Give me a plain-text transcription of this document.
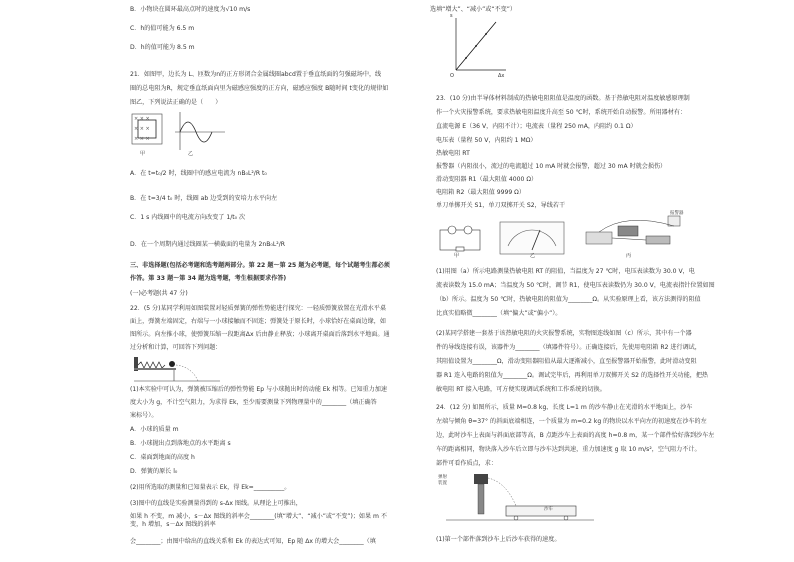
B．小物块在圆环最高点时的速度为√10 m/s
C．h的值可能为 6.5 m
D．h的值可能为 8.5 m
21．如图甲，边长为 L、匝数为n的正方形闭合金属线圈abcd置于垂直纸面的匀强磁场中，线
圈的总电阻为R，规定垂直纸面向里为磁感应强度的正方向，磁感应强度 B随时间 t变化的规律如
图乙，下列说法正确的是（　　）
× × ×
× × ×
× × ×
甲	乙
A．在 t=t₀/2 时，线圈中的感应电流为 nB₀L²/R t₀
B．在 t=3/4 t₀ 时，线圈 ab 边受到的安培力水平向左
C．1 s 内线圈中的电流方向改变了 1/t₀ 次
D．在一个周期内通过线圈某一横截面的电量为 2nB₀L²/R
三、非选择题(包括必考题和选考题两部分。第 22 题～第 25 题为必考题，每个试题考生都必须
作答。第 33 题～第 34 题为选考题，考生根据要求作答)
(一)必考题(共 47 分)
22．(5 分)某同学利用如图装置对轻质弹簧的弹性势能进行探究：一轻质弹簧放置在光滑水平桌
面上，弹簧左端固定，右端与一小球接触而不固连；弹簧处于原长时，小球恰好在桌面边缘，如
图所示。向左推小球，使弹簧压缩一段距离Δx 后由静止释放；小球离开桌面后落到水平地面。通
过分析和计算，可回答下列问题：
(1)本实验中可认为，弹簧被压缩后的弹性势能 Ep 与小球抛出时的动能 Ek 相等。已知重力加速
度大小为 g，不计空气阻力，为求得 Ek，至少需要测量下列物理量中的________（填正确答
案标号）。
A．小球的质量 m
B．小球抛出点到落地点的水平距离 s
C．桌面到地面的高度 h
D．弹簧的原长 l₀
(2)用所选取的测量和已知量表示 Ek，得 Ek=__________。
(3)图中的直线是实验测量得到的 s-Δx 图线。从理论上可推出，
如果 h 不变，m 减小，s－Δx 图线的斜率会________(填“增大”、“减小”或“不变”)；如果 m 不变，h 增加，s－Δx 图线的斜率
会________；由图中给出的直线关系和 Ek 的表达式可知，Ep 随 Δx 的增大会________（填
选填“增大”、“减小”或“不变”）
s
Δx
O
23．(10 分)由半导体材料制成的热敏电阻阻值是温度的函数。基于热敏电阻对温度敏感原理制
作一个火灾报警系统，要求热敏电阻温度升高至 50 ℃时，系统开始自动报警。所用器材有：
直流电源 E（36 V，内阻不计）；电流表（量程 250 mA，内阻约 0.1 Ω）
电压表（量程 50 V，内阻约 1 MΩ）
热敏电阻 RT
报警器（内阻很小，流过的电流超过 10 mA 时就会报警，超过 30 mA 时就会损伤）
滑动变阻器 R1（最大阻值 4000 Ω）
电阻箱 R2（最大阻值 9999 Ω）
单刀单掷开关 S1，单刀双掷开关 S2，导线若干
甲	乙	丙
报警器
(1)用图（a）所示电路测量热敏电阻 RT 的阻值，当温度为 27 ℃时，电压表读数为 30.0 V，电
流表读数为 15.0 mA；当温度为 50 ℃时，调节 R1，使电压表读数仍为 30.0 V，电流表指针位置如图
（b）所示。温度为 50 ℃时，热敏电阻的阻值为________Ω。从实验原理上看，该方法测得的阻值
比真实值略微________（填“偏大”或“偏小”）。
(2)某同学搭建一套基于该热敏电阻的火灾报警系统，实物图连线如图（c）所示，其中有一个器
件的导线连接有误，该器件为________（填器件符号）。正确连接后，先使用电阻箱 R2 进行调试，
其阻值设置为________Ω，滑动变阻器阻值从最大逐渐减小，直至报警器开始报警，此时滑动变阻
器 R1 连入电路的阻值为________Ω。调试完毕后，再利用单刀双掷开关 S2 的选择性开关功能，把热
敏电阻 RT 接入电路，可方便实现调试系统和工作系统的切换。
24．(12 分) 如图所示，质量 M=0.8 kg、长度 L=1 m 的沙车静止在光滑的水平地面上，沙车
左端与倾角 θ=37° 的斜面底端相连，一个质量为 m=0.2 kg 的物块以水平向左的初速度在沙车的左
边，此时沙车上表面与斜面底部等高，B 点距沙车上表面的高度 h=0.8 m，某一个部件恰好落到沙车左
车的距离相同，物块落入沙车后立即与沙车达到共速，重力加速度 g 取 10 m/s²，空气阻力不计。
部件可看作质点，求：
弹射
装置
沙车
(1)第一个部件落到沙车上后沙车获得的速度。
